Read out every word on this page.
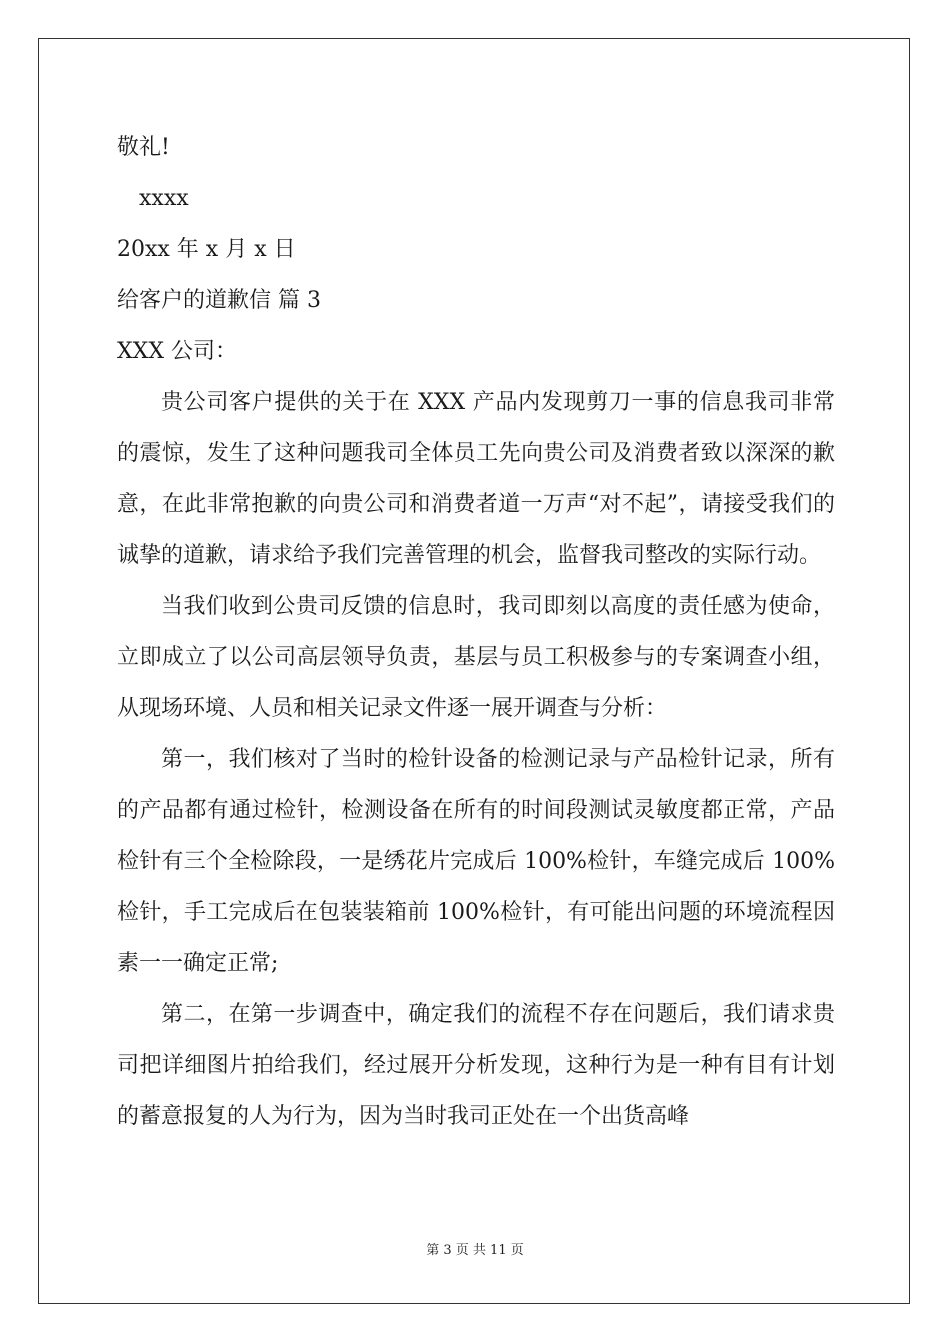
敬礼!

xxxx

20xx 年 x 月 x 日

给客户的道歉信 篇 3

XXX 公司：

贵公司客户提供的关于在 XXX 产品内发现剪刀一事的信息我司非常的震惊，发生了这种问题我司全体员工先向贵公司及消费者致以深深的歉意，在此非常抱歉的向贵公司和消费者道一万声“对不起”，请接受我们的诚挚的道歉，请求给予我们完善管理的机会，监督我司整改的实际行动。

当我们收到公贵司反馈的信息时，我司即刻以高度的责任感为使命，立即成立了以公司高层领导负责，基层与员工积极参与的专案调查小组，从现场环境、人员和相关记录文件逐一展开调查与分析：

第一，我们核对了当时的检针设备的检测记录与产品检针记录，所有的产品都有通过检针，检测设备在所有的时间段测试灵敏度都正常，产品检针有三个全检除段，一是绣花片完成后 100%检针，车缝完成后 100%检针，手工完成后在包装装箱前 100%检针，有可能出问题的环境流程因素一一确定正常;

第二，在第一步调查中，确定我们的流程不存在问题后，我们请求贵司把详细图片拍给我们，经过展开分析发现，这种行为是一种有目有计划的蓄意报复的人为行为，因为当时我司正处在一个出货高峰

第 3 页 共 11 页
